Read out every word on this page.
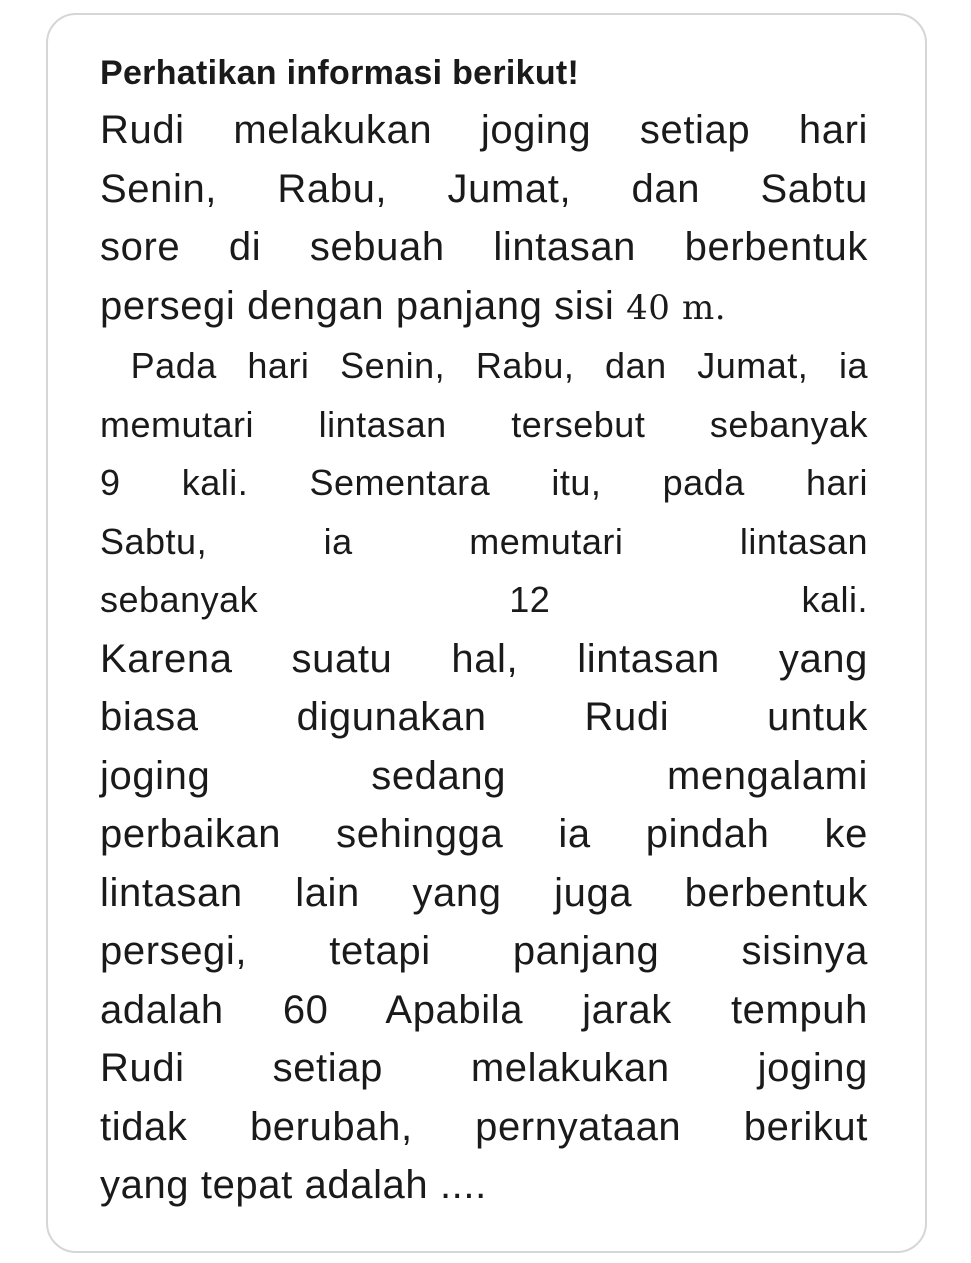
Perhatikan informasi berikut!

Rudi melakukan joging setiap hari

Senin, Rabu, Jumat, dan Sabtu

sore di sebuah lintasan berbentuk

persegi dengan panjang sisi 40 m.

Pada hari Senin, Rabu, dan Jumat, ia

memutari lintasan tersebut sebanyak

9 kali. Sementara itu, pada hari

Sabtu, ia memutari lintasan

sebanyak 12 kali.

Karena suatu hal, lintasan yang

biasa digunakan Rudi untuk

joging sedang mengalami

perbaikan sehingga ia pindah ke

lintasan lain yang juga berbentuk

persegi, tetapi panjang sisinya

adalah 60 Apabila jarak tempuh

Rudi setiap melakukan joging

tidak berubah, pernyataan berikut

yang tepat adalah ....
